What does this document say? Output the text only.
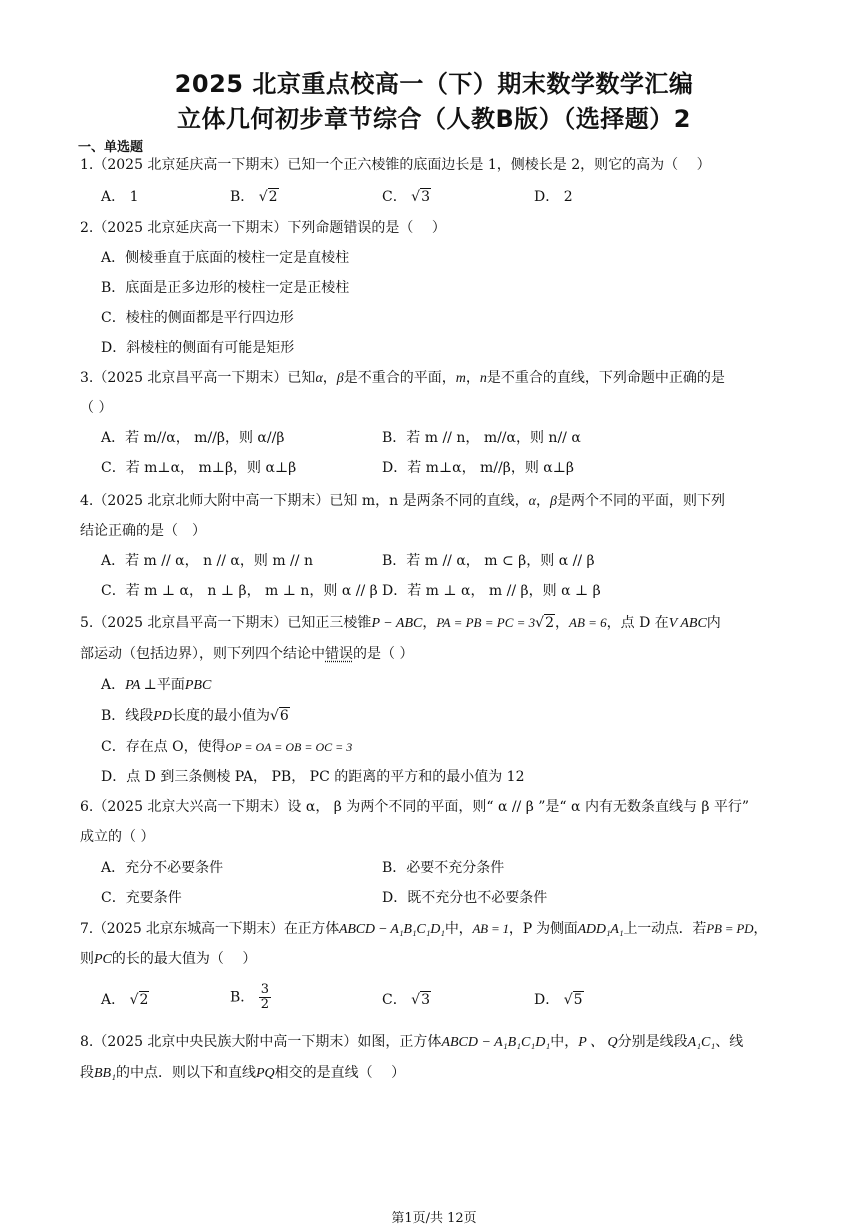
2025 北京重点校高一（下）期末数学数学汇编
立体几何初步章节综合（人教B版）（选择题）2
一、单选题
1.（2025 北京延庆高一下期末）已知一个正六棱锥的底面边长是 1，侧棱长是 2，则它的高为（　 ）
A． 1	B． √2	C． √3	D． 2
2.（2025 北京延庆高一下期末）下列命题错误的是（　 ）
A．侧棱垂直于底面的棱柱一定是直棱柱
B．底面是正多边形的棱柱一定是正棱柱
C．棱柱的侧面都是平行四边形
D．斜棱柱的侧面有可能是矩形
3.（2025 北京昌平高一下期末）已知α，β是不重合的平面，m，n是不重合的直线，下列命题中正确的是
（ ）
A．若 m//α， m//β，则 α//β	B．若 m // n， m//α，则 n// α
C．若 m⊥α， m⊥β，则 α⊥β	D．若 m⊥α， m//β，则 α⊥β
4.（2025 北京北师大附中高一下期末）已知 m，n 是两条不同的直线，α，β是两个不同的平面，则下列
结论正确的是（　）
A．若 m // α， n // α，则 m // n	B．若 m // α， m ⊂ β，则 α // β
C．若 m ⊥ α， n ⊥ β， m ⊥ n，则 α // β D．若 m ⊥ α， m // β，则 α ⊥ β
5.（2025 北京昌平高一下期末）已知正三棱锥P − ABC，PA = PB = PC = 3√2，AB = 6，点 D 在V ABC内
部运动（包括边界），则下列四个结论中错误的是（ ）
A．PA ⊥平面PBC
B．线段PD长度的最小值为√6
C．存在点 O，使得OP = OA = OB = OC = 3
D．点 D 到三条侧棱 PA， PB， PC 的距离的平方和的最小值为 12
6.（2025 北京大兴高一下期末）设 α， β 为两个不同的平面，则“ α // β ”是“ α 内有无数条直线与 β 平行”
成立的（ ）
A．充分不必要条件	B．必要不充分条件
C．充要条件	D．既不充分也不必要条件
7.（2025 北京东城高一下期末）在正方体ABCD − A₁B₁C₁D₁中，AB = 1，P 为侧面ADD₁A₁上一动点．若PB = PD，
则PC的长的最大值为（　 ）
A． √2	B． $\frac{3}{2}$	C． √3	D． √5
8.（2025 北京中央民族大附中高一下期末）如图，正方体ABCD − A₁B₁C₁D₁中，P 、 Q分别是线段A₁C₁、线
段BB₁的中点．则以下和直线PQ相交的是直线（　 ）
第1页/共 12页
